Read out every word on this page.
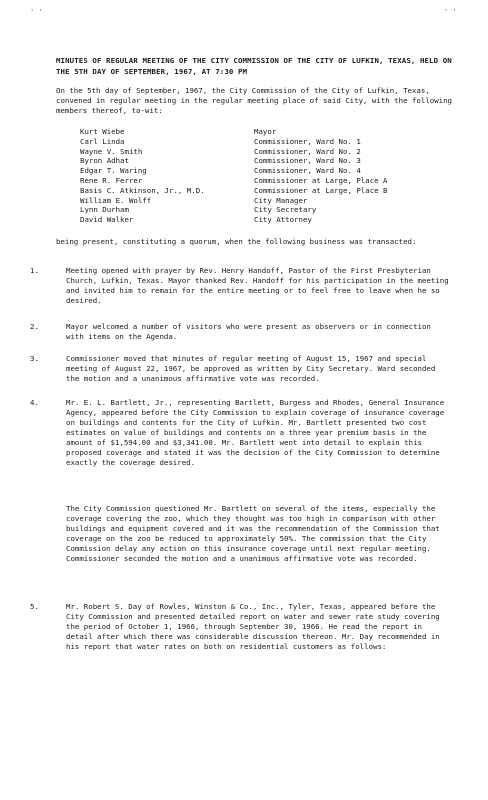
' '	' '
MINUTES OF REGULAR MEETING OF THE CITY COMMISSION OF THE CITY OF LUFKIN, TEXAS, HELD ON THE 5TH DAY OF SEPTEMBER, 1967, AT 7:30 PM
On the 5th day of September, 1967, the City Commission of the City of Lufkin, Texas, convened in regular meeting in the regular meeting place of said City, with the following members thereof, to-wit:
Kurt Wiebe	Mayor
Carl Linda	Commissioner, Ward No. 1
Wayne V. Smith	Commissioner, Ward No. 2
Byron Adhat	Commissioner, Ward No. 3
Edgar T. Waring	Commissioner, Ward No. 4
Rene R. Ferrer	Commissioner at Large, Place A
Basis C. Atkinson, Jr., M.D.	Commissioner at Large, Place B
William E. Wolff	City Manager
Lynn Durham	City Secretary
David Walker	City Attorney
being present, constituting a quorum, when the following business was transacted:
1.	Meeting opened with prayer by Rev. Henry Handoff, Pastor of the First Presbyterian Church, Lufkin, Texas. Mayor thanked Rev. Handoff for his participation in the meeting and invited him to remain for the entire meeting or to feel free to leave when he so desired.
2.	Mayor welcomed a number of visitors who were present as observers or in connection with items on the Agenda.
3.	Commissioner moved that minutes of regular meeting of August 15, 1967 and special meeting of August 22, 1967, be approved as written by City Secretary. Ward seconded the motion and a unanimous affirmative vote was recorded.
4.	Mr. E. L. Bartlett, Jr., representing Bartlett, Burgess and Rhodes, General Insurance Agency, appeared before the City Commission to explain coverage of insurance coverage on buildings and contents for the City of Lufkin. Mr. Bartlett presented two cost estimates on value of buildings and contents on a three year premium basis in the amount of $1,594.00 and $3,341.00. Mr. Bartlett went into detail to explain this proposed coverage and stated it was the decision of the City Commission to determine exactly the coverage desired.
The City Commission questioned Mr. Bartlett on several of the items, especially the coverage covering the zoo, which they thought was too high in comparison with other buildings and equipment covered and it was the recommendation of the Commission that coverage on the zoo be reduced to approximately 50%. The commission that the City Commission delay any action on this insurance coverage until next regular meeting. Commissioner seconded the motion and a unanimous affirmative vote was recorded.
5.	Mr. Robert S. Day of Rowles, Winston & Co., Inc., Tyler, Texas, appeared before the City Commission and presented detailed report on water and sewer rate study covering the period of October 1, 1966, through September 30, 1966. He read the report in detail after which there was considerable discussion thereon. Mr. Day recommended in his report that water rates on both on residential customers as follows:
